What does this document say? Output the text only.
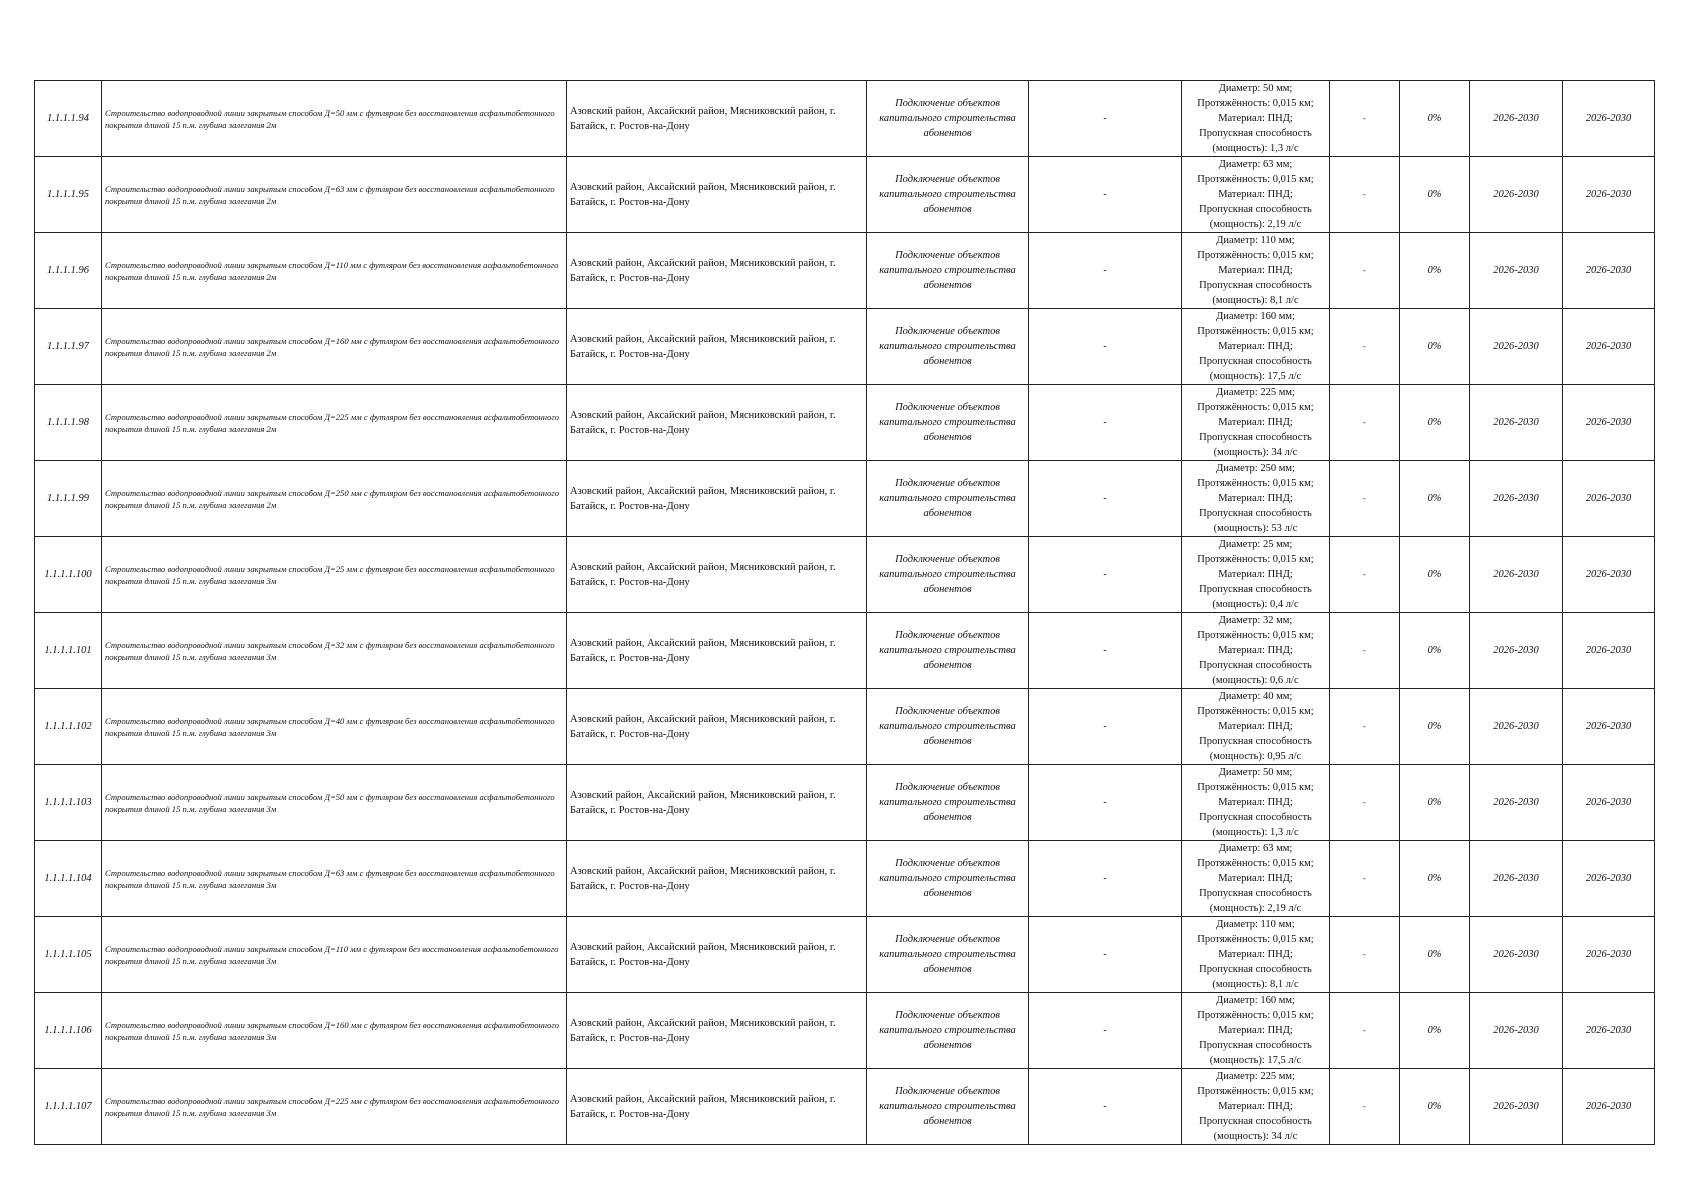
1.1.1.1.94	Строительство водопроводной линии закрытым способом Д=50 мм с футляром без восстановления асфальтобетонного покрытия длиной 15 п.м. глубина залегания 2м	Азовский район, Аксайский район, Мясниковский район, г. Батайск, г. Ростов-на-Дону	Подключение объектов капитального строительства абонентов	-	Диаметр: 50 мм;
Протяжённость: 0,015 км;
Материал: ПНД;
Пропускная способность
(мощность): 1,3 л/с	-	0%	2026-2030	2026-2030
1.1.1.1.95	Строительство водопроводной линии закрытым способом Д=63 мм с футляром без восстановления асфальтобетонного покрытия длиной 15 п.м. глубина залегания 2м	Азовский район, Аксайский район, Мясниковский район, г. Батайск, г. Ростов-на-Дону	Подключение объектов капитального строительства абонентов	-	Диаметр: 63 мм;
Протяжённость: 0,015 км;
Материал: ПНД;
Пропускная способность
(мощность): 2,19 л/с	-	0%	2026-2030	2026-2030
1.1.1.1.96	Строительство водопроводной линии закрытым способом Д=110 мм с футляром без восстановления асфальтобетонного покрытия длиной 15 п.м. глубина залегания 2м	Азовский район, Аксайский район, Мясниковский район, г. Батайск, г. Ростов-на-Дону	Подключение объектов капитального строительства абонентов	-	Диаметр: 110 мм;
Протяжённость: 0,015 км;
Материал: ПНД;
Пропускная способность
(мощность): 8,1 л/с	-	0%	2026-2030	2026-2030
1.1.1.1.97	Строительство водопроводной линии закрытым способом Д=160 мм с футляром без восстановления асфальтобетонного покрытия длиной 15 п.м. глубина залегания 2м	Азовский район, Аксайский район, Мясниковский район, г. Батайск, г. Ростов-на-Дону	Подключение объектов капитального строительства абонентов	-	Диаметр: 160 мм;
Протяжённость: 0,015 км;
Материал: ПНД;
Пропускная способность
(мощность): 17,5 л/с	-	0%	2026-2030	2026-2030
1.1.1.1.98	Строительство водопроводной линии закрытым способом Д=225 мм с футляром без восстановления асфальтобетонного покрытия длиной 15 п.м. глубина залегания 2м	Азовский район, Аксайский район, Мясниковский район, г. Батайск, г. Ростов-на-Дону	Подключение объектов капитального строительства абонентов	-	Диаметр: 225 мм;
Протяжённость: 0,015 км;
Материал: ПНД;
Пропускная способность
(мощность): 34 л/с	-	0%	2026-2030	2026-2030
1.1.1.1.99	Строительство водопроводной линии закрытым способом Д=250 мм с футляром без восстановления асфальтобетонного покрытия длиной 15 п.м. глубина залегания 2м	Азовский район, Аксайский район, Мясниковский район, г. Батайск, г. Ростов-на-Дону	Подключение объектов капитального строительства абонентов	-	Диаметр: 250 мм;
Протяжённость: 0,015 км;
Материал: ПНД;
Пропускная способность
(мощность): 53 л/с	-	0%	2026-2030	2026-2030
1.1.1.1.100	Строительство водопроводной линии закрытым способом Д=25 мм с футляром без восстановления асфальтобетонного покрытия длиной 15 п.м. глубина залегания 3м	Азовский район, Аксайский район, Мясниковский район, г. Батайск, г. Ростов-на-Дону	Подключение объектов капитального строительства абонентов	-	Диаметр: 25 мм;
Протяжённость: 0,015 км;
Материал: ПНД;
Пропускная способность
(мощность): 0,4 л/с	-	0%	2026-2030	2026-2030
1.1.1.1.101	Строительство водопроводной линии закрытым способом Д=32 мм с футляром без восстановления асфальтобетонного покрытия длиной 15 п.м. глубина залегания 3м	Азовский район, Аксайский район, Мясниковский район, г. Батайск, г. Ростов-на-Дону	Подключение объектов капитального строительства абонентов	-	Диаметр: 32 мм;
Протяжённость: 0,015 км;
Материал: ПНД;
Пропускная способность
(мощность): 0,6 л/с	-	0%	2026-2030	2026-2030
1.1.1.1.102	Строительство водопроводной линии закрытым способом Д=40 мм с футляром без восстановления асфальтобетонного покрытия длиной 15 п.м. глубина залегания 3м	Азовский район, Аксайский район, Мясниковский район, г. Батайск, г. Ростов-на-Дону	Подключение объектов капитального строительства абонентов	-	Диаметр: 40 мм;
Протяжённость: 0,015 км;
Материал: ПНД;
Пропускная способность
(мощность): 0,95 л/с	-	0%	2026-2030	2026-2030
1.1.1.1.103	Строительство водопроводной линии закрытым способом Д=50 мм с футляром без восстановления асфальтобетонного покрытия длиной 15 п.м. глубина залегания 3м	Азовский район, Аксайский район, Мясниковский район, г. Батайск, г. Ростов-на-Дону	Подключение объектов капитального строительства абонентов	-	Диаметр: 50 мм;
Протяжённость: 0,015 км;
Материал: ПНД;
Пропускная способность
(мощность): 1,3 л/с	-	0%	2026-2030	2026-2030
1.1.1.1.104	Строительство водопроводной линии закрытым способом Д=63 мм с футляром без восстановления асфальтобетонного покрытия длиной 15 п.м. глубина залегания 3м	Азовский район, Аксайский район, Мясниковский район, г. Батайск, г. Ростов-на-Дону	Подключение объектов капитального строительства абонентов	-	Диаметр: 63 мм;
Протяжённость: 0,015 км;
Материал: ПНД;
Пропускная способность
(мощность): 2,19 л/с	-	0%	2026-2030	2026-2030
1.1.1.1.105	Строительство водопроводной линии закрытым способом Д=110 мм с футляром без восстановления асфальтобетонного покрытия длиной 15 п.м. глубина залегания 3м	Азовский район, Аксайский район, Мясниковский район, г. Батайск, г. Ростов-на-Дону	Подключение объектов капитального строительства абонентов	-	Диаметр: 110 мм;
Протяжённость: 0,015 км;
Материал: ПНД;
Пропускная способность
(мощность): 8,1 л/с	-	0%	2026-2030	2026-2030
1.1.1.1.106	Строительство водопроводной линии закрытым способом Д=160 мм с футляром без восстановления асфальтобетонного покрытия длиной 15 п.м. глубина залегания 3м	Азовский район, Аксайский район, Мясниковский район, г. Батайск, г. Ростов-на-Дону	Подключение объектов капитального строительства абонентов	-	Диаметр: 160 мм;
Протяжённость: 0,015 км;
Материал: ПНД;
Пропускная способность
(мощность): 17,5 л/с	-	0%	2026-2030	2026-2030
1.1.1.1.107	Строительство водопроводной линии закрытым способом Д=225 мм с футляром без восстановления асфальтобетонного покрытия длиной 15 п.м. глубина залегания 3м	Азовский район, Аксайский район, Мясниковский район, г. Батайск, г. Ростов-на-Дону	Подключение объектов капитального строительства абонентов	-	Диаметр: 225 мм;
Протяжённость: 0,015 км;
Материал: ПНД;
Пропускная способность
(мощность): 34 л/с	-	0%	2026-2030	2026-2030
